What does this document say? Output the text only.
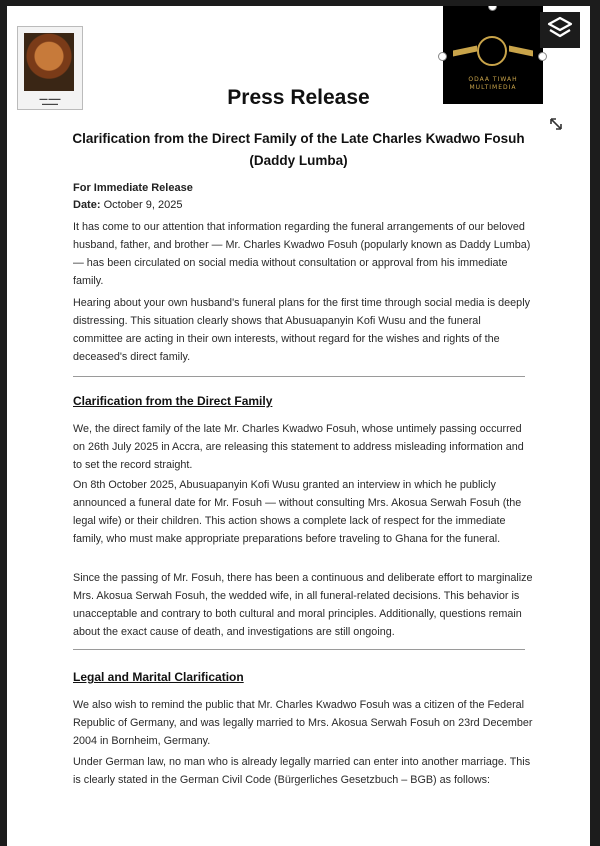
▬▬ ▬▬▬
▬▬▬▬
ODAA TIWAH
MULTIMEDIA
Press Release
Clarification from the Direct Family of the Late Charles Kwadwo Fosuh (Daddy Lumba)
For Immediate Release
Date: October 9, 2025

It has come to our attention that information regarding the funeral arrangements of our beloved husband, father, and brother — Mr. Charles Kwadwo Fosuh (popularly known as Daddy Lumba) — has been circulated on social media without consultation or approval from his immediate family.

Hearing about your own husband's funeral plans for the first time through social media is deeply distressing. This situation clearly shows that Abusuapanyin Kofi Wusu and the funeral committee are acting in their own interests, without regard for the wishes and rights of the deceased's direct family.

Clarification from the Direct Family

We, the direct family of the late Mr. Charles Kwadwo Fosuh, whose untimely passing occurred on 26th July 2025 in Accra, are releasing this statement to address misleading information and to set the record straight.

On 8th October 2025, Abusuapanyin Kofi Wusu granted an interview in which he publicly announced a funeral date for Mr. Fosuh — without consulting Mrs. Akosua Serwah Fosuh (the legal wife) or their children. This action shows a complete lack of respect for the immediate family, who must make appropriate preparations before traveling to Ghana for the funeral.

Since the passing of Mr. Fosuh, there has been a continuous and deliberate effort to marginalize Mrs. Akosua Serwah Fosuh, the wedded wife, in all funeral-related decisions. This behavior is unacceptable and contrary to both cultural and moral principles. Additionally, questions remain about the exact cause of death, and investigations are still ongoing.

Legal and Marital Clarification

We also wish to remind the public that Mr. Charles Kwadwo Fosuh was a citizen of the Federal Republic of Germany, and was legally married to Mrs. Akosua Serwah Fosuh on 23rd December 2004 in Bornheim, Germany.

Under German law, no man who is already legally married can enter into another marriage. This is clearly stated in the German Civil Code (Bürgerliches Gesetzbuch – BGB) as follows:
